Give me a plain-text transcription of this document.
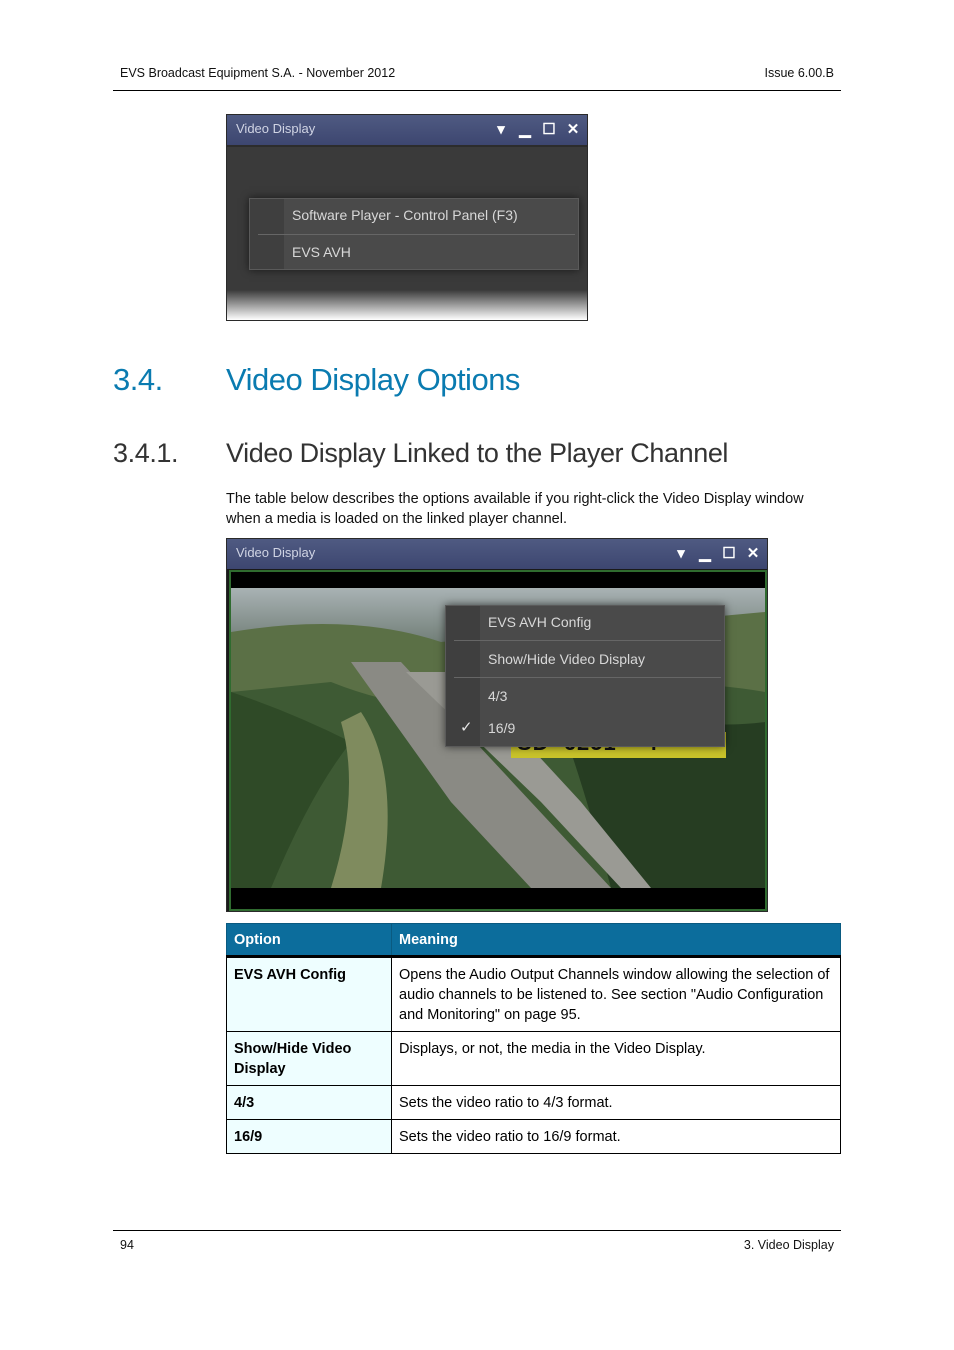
EVS Broadcast Equipment S.A. - November 2012	Issue 6.00.B
Video Display	▾ ▁ ☐ ✕
Software Player - Control Panel (F3)
EVS AVH
3.4. Video Display Options
3.4.1. Video Display Linked to the Player Channel
The table below describes the options available if you right-click the Video Display window when a media is loaded on the linked player channel.
Video Display	▾ ▁ ☐ ✕
EVS AVH Config
Show/Hide Video Display
4/3
16/9
✓
Option	Meaning
EVS AVH Config	Opens the Audio Output Channels window allowing the selection of audio channels to be listened to. See section "Audio Configuration and Monitoring" on page 95.
Show/Hide Video Display	Displays, or not, the media in the Video Display.
4/3	Sets the video ratio to 4/3 format.
16/9	Sets the video ratio to 16/9 format.
94	3. Video Display
